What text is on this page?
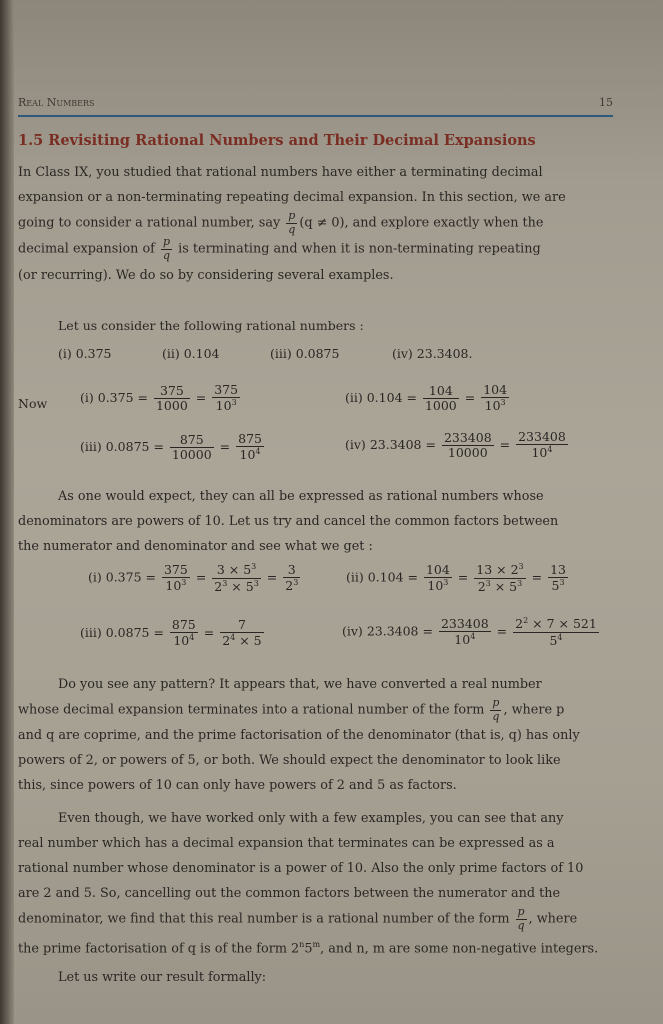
Real Numbers	15
1.5 Revisiting Rational Numbers and Their Decimal Expansions
In Class IX, you studied that rational numbers have either a terminating decimal
expansion or a non-terminating repeating decimal expansion. In this section, we are
going to consider a rational number, say $\frac{p}{q} (q \ne 0)$, and explore exactly when the
decimal expansion of $\frac{p}{q}$ is terminating and when it is non-terminating repeating
(or recurring). We do so by considering several examples.
Let us consider the following rational numbers :
(i) 0.375	(ii) 0.104	(iii) 0.0875	(iv) 23.3408.
Now	(i) $0.375 = \frac{375}{1000} = \frac{375}{10^3}$	(ii) $0.104 = \frac{104}{1000} = \frac{104}{10^3}$
(iii) $0.0875 = \frac{875}{10000} = \frac{875}{10^4}$	(iv) $23.3408 = \frac{233408}{10000} = \frac{233408}{10^4}$
As one would expect, they can all be expressed as rational numbers whose
denominators are powers of 10. Let us try and cancel the common factors between
the numerator and denominator and see what we get :
(i) $0.375 = \frac{375}{10^3} = \frac{3 \times 5^3}{2^3 \times 5^3} = \frac{3}{2^3}$	(ii) $0.104 = \frac{104}{10^3} = \frac{13 \times 2^3}{2^3 \times 5^3} = \frac{13}{5^3}$
(iii) $0.0875 = \frac{875}{10^4} = \frac{7}{2^4 \times 5}$	(iv) $23.3408 = \frac{233408}{10^4} = \frac{2^2 \times 7 \times 521}{5^4}$
Do you see any pattern? It appears that, we have converted a real number
whose decimal expansion terminates into a rational number of the form $\frac{p}{q}$ , where p
and q are coprime, and the prime factorisation of the denominator (that is, q) has only
powers of 2, or powers of 5, or both. We should expect the denominator to look like
this, since powers of 10 can only have powers of 2 and 5 as factors.
Even though, we have worked only with a few examples, you can see that any
real number which has a decimal expansion that terminates can be expressed as a
rational number whose denominator is a power of 10. Also the only prime factors of 10
are 2 and 5. So, cancelling out the common factors between the numerator and the
denominator, we find that this real number is a rational number of the form $\frac{p}{q}$ , where
the prime factorisation of q is of the form 2$^n$5$^m$, and n, m are some non-negative integers.
Let us write our result formally:
